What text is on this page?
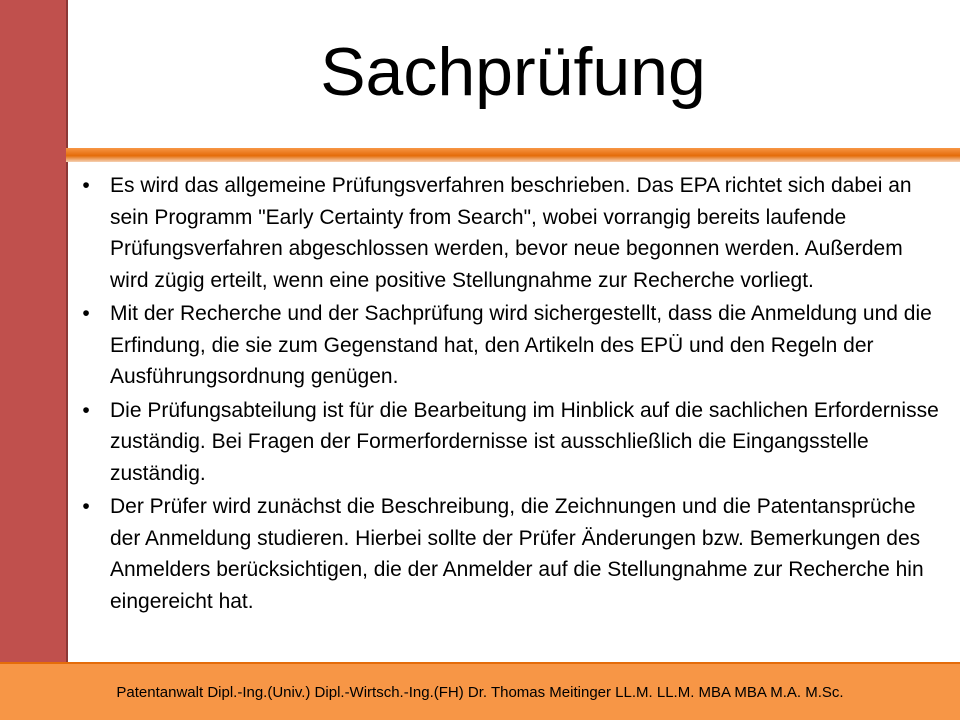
Sachprüfung
• Es wird das allgemeine Prüfungsverfahren beschrieben. Das EPA richtet sich dabei an sein Programm "Early Certainty from Search", wobei vorrangig bereits laufende Prüfungsverfahren abgeschlossen werden, bevor neue begonnen werden. Außerdem wird zügig erteilt, wenn eine positive Stellungnahme zur Recherche vorliegt.
• Mit der Recherche und der Sachprüfung wird sichergestellt, dass die Anmeldung und die Erfindung, die sie zum Gegenstand hat, den Artikeln des EPÜ und den Regeln der Ausführungsordnung genügen.
• Die Prüfungsabteilung ist für die Bearbeitung im Hinblick auf die sachlichen Erfordernisse zuständig. Bei Fragen der Formerfordernisse ist ausschließlich die Eingangsstelle zuständig.
• Der Prüfer wird zunächst die Beschreibung, die Zeichnungen und die Patentansprüche der Anmeldung studieren. Hierbei sollte der Prüfer Änderungen bzw. Bemerkungen des Anmelders berücksichtigen, die der Anmelder auf die Stellungnahme zur Recherche hin eingereicht hat.
Patentanwalt Dipl.-Ing.(Univ.) Dipl.-Wirtsch.-Ing.(FH) Dr. Thomas Meitinger LL.M. LL.M. MBA MBA M.A. M.Sc.
